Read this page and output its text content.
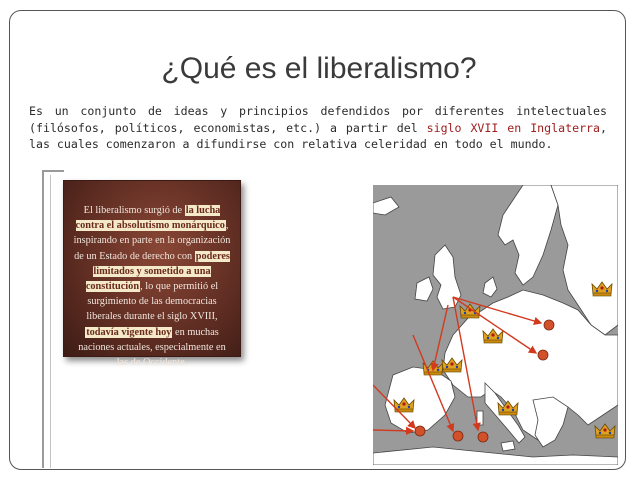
¿Qué es el liberalismo?
Es un conjunto de ideas y principios defendidos por diferentes intelectuales (filósofos, políticos, economistas, etc.) a partir del siglo XVII en Inglaterra, las cuales comenzaron a difundirse con relativa celeridad en todo el mundo.
El liberalismo surgió de la lucha contra el absolutismo monárquico, inspirando en parte en la organización de un Estado de derecho con poderes limitados y sometido a una constitución, lo que permitió el surgimiento de las democracias liberales durante el siglo XVIII, todavía vigente hoy en muchas naciones actuales, especialmente en las de Occidente.
